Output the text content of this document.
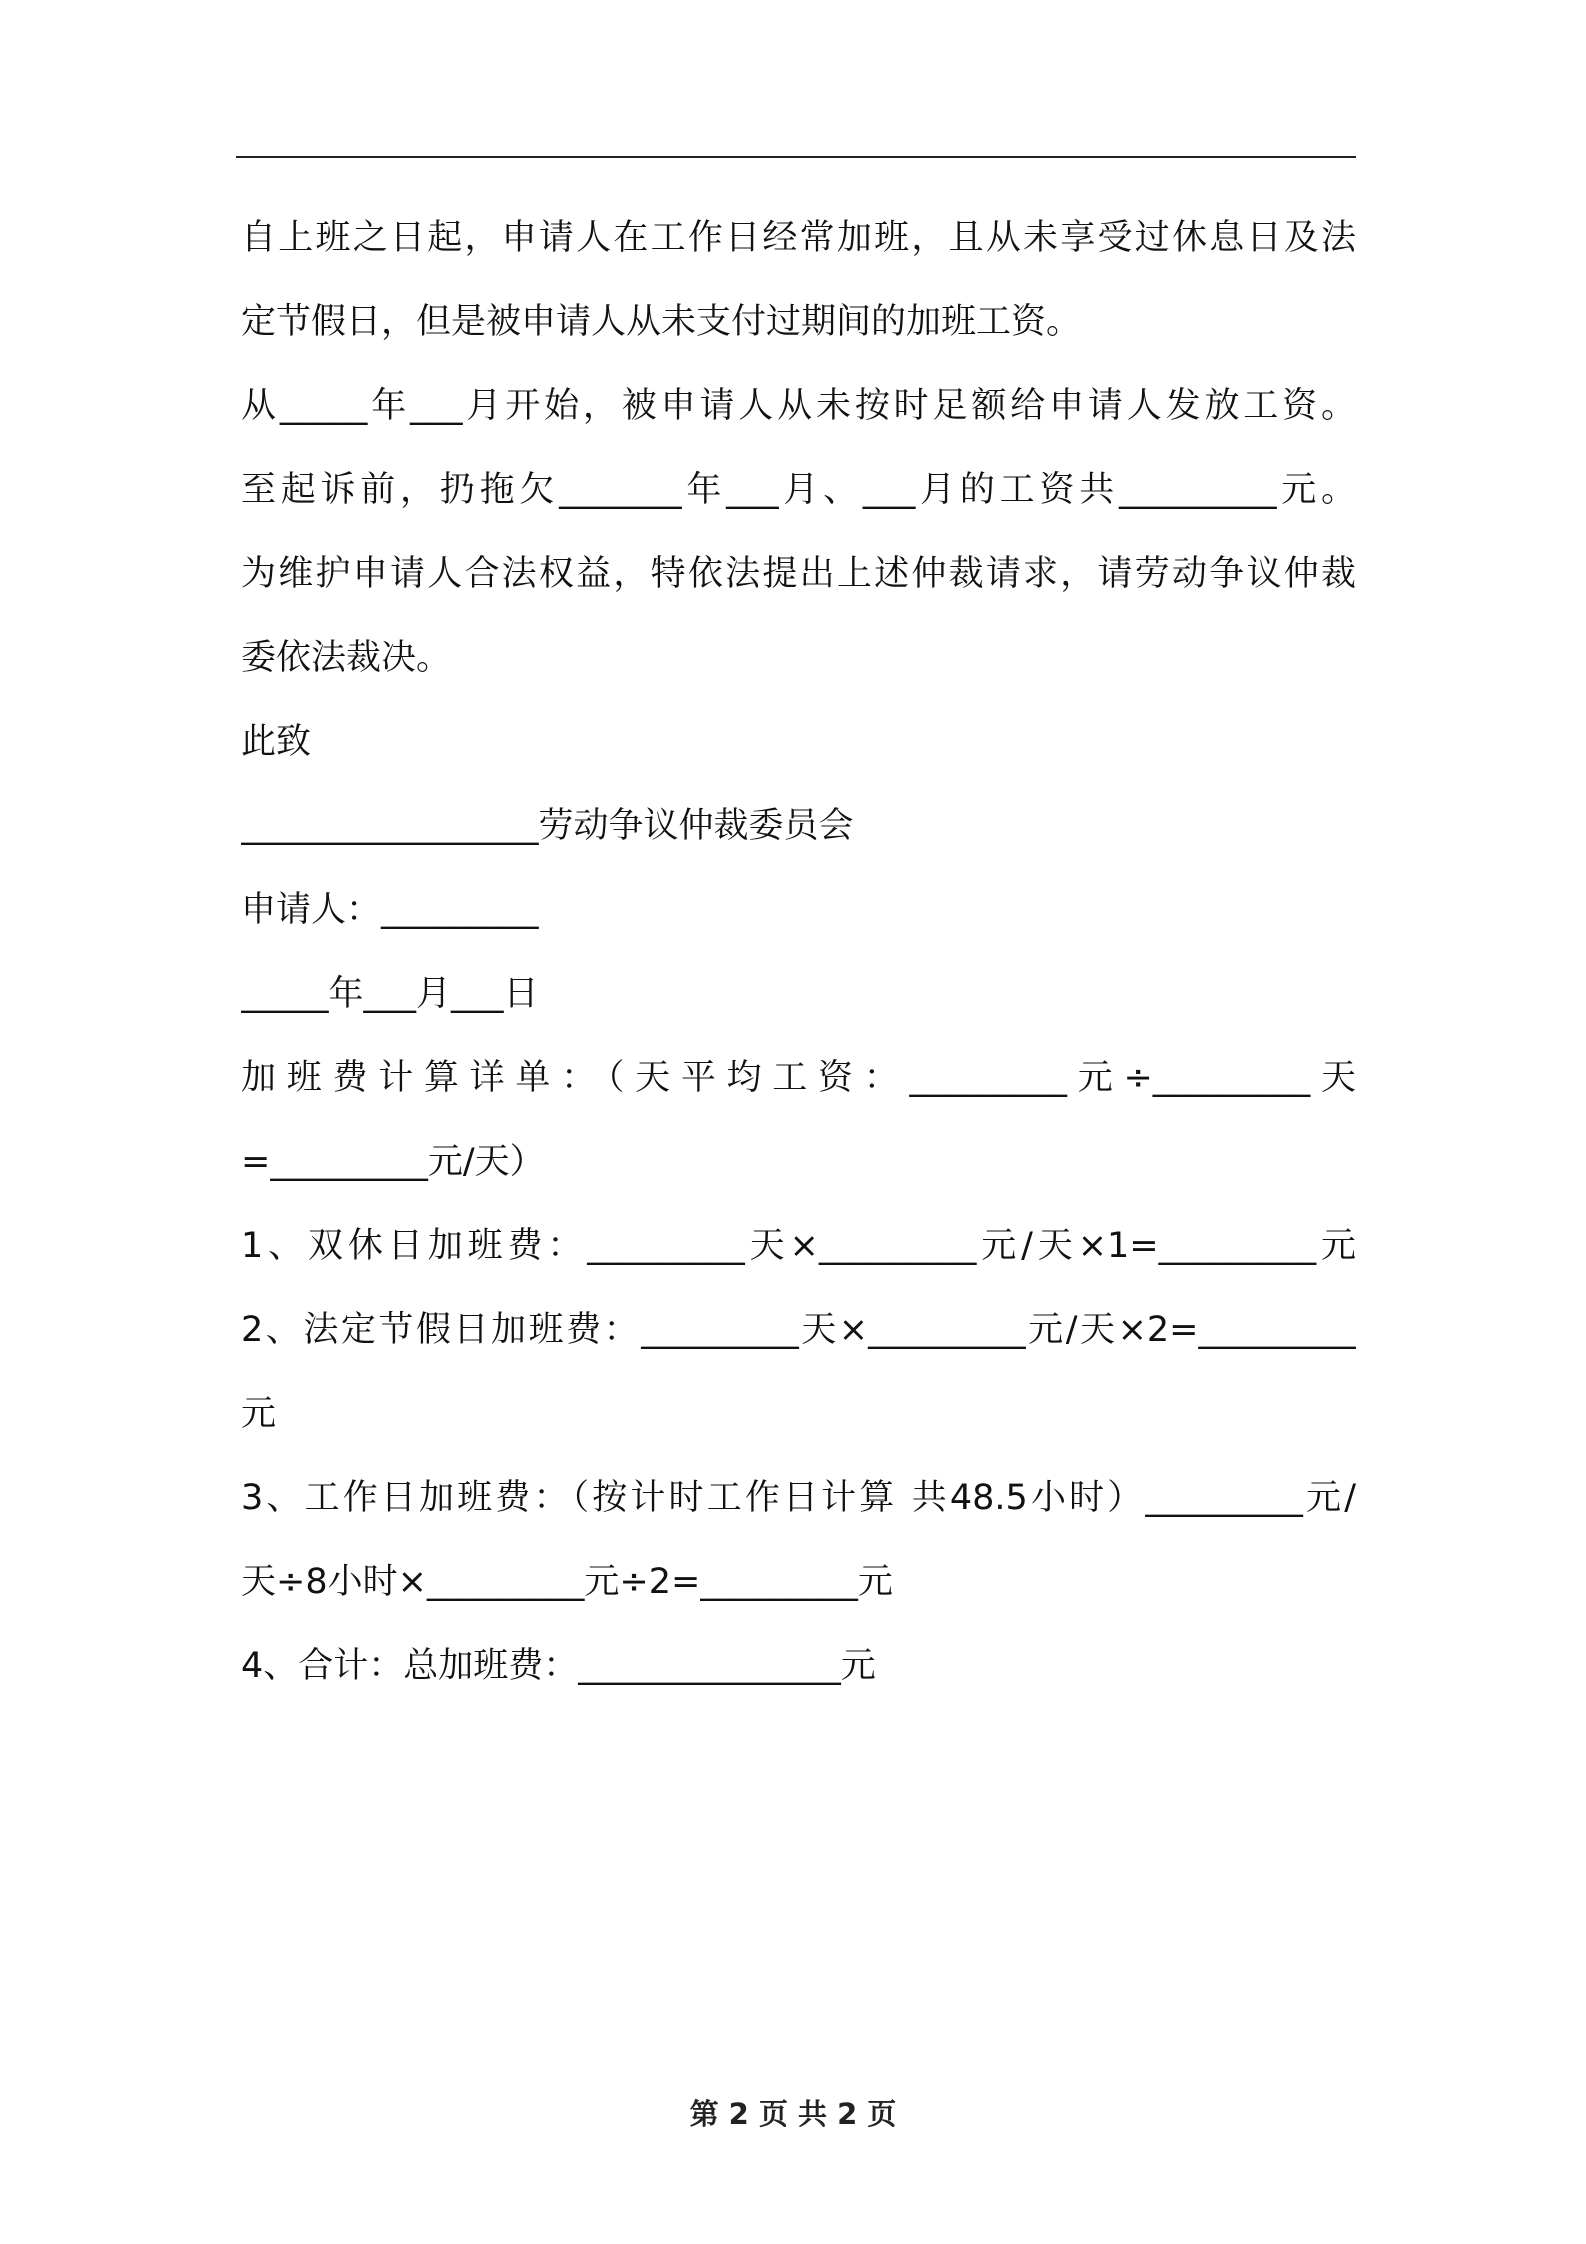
自上班之日起，申请人在工作日经常加班，且从未享受过休息日及法
定节假日，但是被申请人从未支付过期间的加班工资。
从_____年___月开始，被申请人从未按时足额给申请人发放工资。
至起诉前，扔拖欠_______年___月、___月的工资共_________元。
为维护申请人合法权益，特依法提出上述仲裁请求，请劳动争议仲裁
委依法裁决。
此致
_________________劳动争议仲裁委员会
申请人：_________
_____年___月___日
加班费计算详单：（天平均工资：_________元÷_________天
=_________元/天）
1、双休日加班费：_________天×_________元/天×1=_________元
2、法定节假日加班费：_________天×_________元/天×2=_________
元
3、工作日加班费：（按计时工作日计算 共48.5小时）_________元/
天÷8小时×_________元÷2=_________元
4、合计：总加班费：_______________元
第 2 页 共 2 页
